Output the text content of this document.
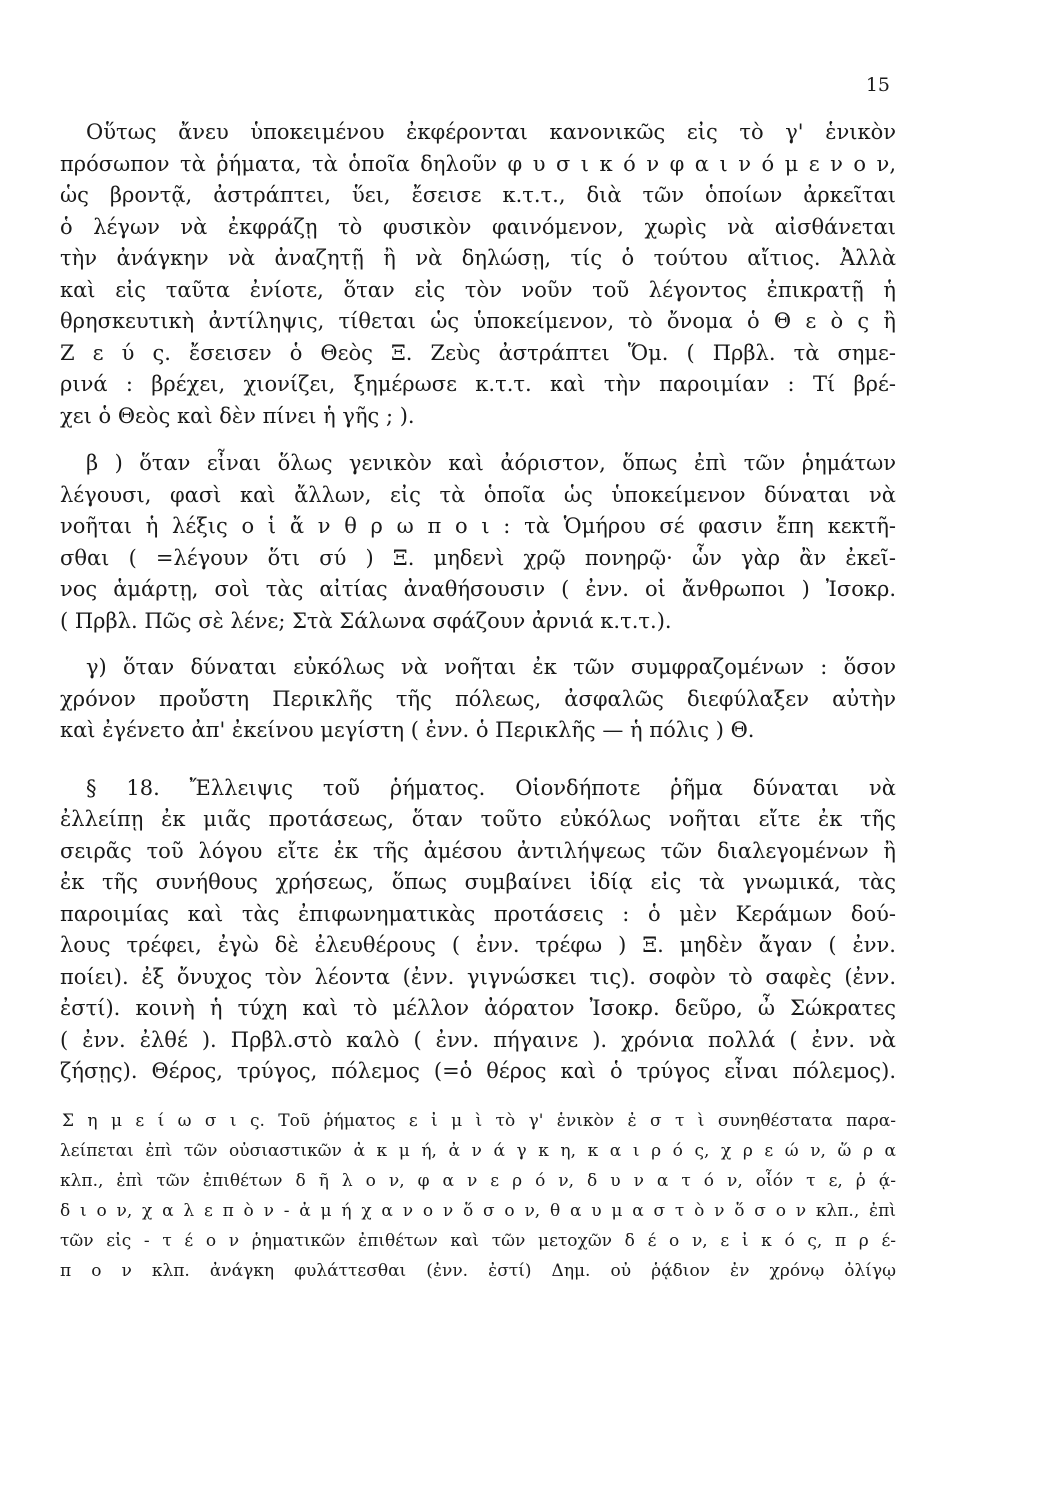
15
Οὕτως ἄνευ ὑποκειμένου ἐκφέρονται κανονικῶς εἰς τὸ γ' ἑνικὸν
πρόσωπον τὰ ῥήματα, τὰ ὁποῖα δηλοῦν φ υ σ ι κ ό ν φ α ι ν ό μ ε ν ο ν,
ὡς βροντᾷ, ἀστράπτει, ὕει, ἔσεισε κ.τ.τ., διὰ τῶν ὁποίων ἀρκεῖται
ὁ λέγων νὰ ἐκφράζῃ τὸ φυσικὸν φαινόμενον, χωρὶς νὰ αἰσθάνεται
τὴν ἀνάγκην νὰ ἀναζητῇ ἢ νὰ δηλώσῃ, τίς ὁ τούτου αἴτιος. Ἀλλὰ
καὶ εἰς ταῦτα ἐνίοτε, ὅταν εἰς τὸν νοῦν τοῦ λέγοντος ἐπικρατῇ ἡ
θρησκευτικὴ ἀντίληψις, τίθεται ὡς ὑποκείμενον, τὸ ὄνομα ὁ Θ ε ὸ ς ἢ
Ζ ε ύ ς. ἔσεισεν ὁ Θεὸς Ξ. Ζεὺς ἀστράπτει Ὅμ. ( Πρβλ. τὰ σημε-
ρινά : βρέχει, χιονίζει, ξημέρωσε κ.τ.τ. καὶ τὴν παροιμίαν : Τί βρέ-
χει ὁ Θεὸς καὶ δὲν πίνει ἡ γῆς ; ).
β ) ὅταν εἶναι ὅλως γενικὸν καὶ ἀόριστον, ὅπως ἐπὶ τῶν ῥημάτων
λέγουσι, φασὶ καὶ ἄλλων, εἰς τὰ ὁποῖα ὡς ὑποκείμενον δύναται νὰ
νοῆται ἡ λέξις ο ἱ ἄ ν θ ρ ω π ο ι : τὰ Ὁμήρου σέ φασιν ἔπη κεκτῆ-
σθαι ( =λέγουν ὅτι σύ ) Ξ. μηδενὶ χρῷ πονηρῷ· ὧν γὰρ ἂν ἐκεῖ-
νος ἁμάρτῃ, σοὶ τὰς αἰτίας ἀναθήσουσιν ( ἐνν. οἱ ἄνθρωποι ) Ἰσοκρ.
( Πρβλ. Πῶς σὲ λένε; Στὰ Σάλωνα σφάζουν ἀρνιά κ.τ.τ.).
γ) ὅταν δύναται εὐκόλως νὰ νοῆται ἐκ τῶν συμφραζομένων : ὅσον
χρόνον προὔστη Περικλῆς τῆς πόλεως, ἀσφαλῶς διεφύλαξεν αὐτὴν
καὶ ἐγένετο ἀπ' ἐκείνου μεγίστη ( ἐνν. ὁ Περικλῆς — ἡ πόλις ) Θ.
§ 18. Ἔλλειψις τοῦ ῥήματος. Οἱονδήποτε ῥῆμα δύναται νὰ
ἐλλείπῃ ἐκ μιᾶς προτάσεως, ὅταν τοῦτο εὐκόλως νοῆται εἴτε ἐκ τῆς
σειρᾶς τοῦ λόγου εἴτε ἐκ τῆς ἀμέσου ἀντιλήψεως τῶν διαλεγομένων ἢ
ἐκ τῆς συνήθους χρήσεως, ὅπως συμβαίνει ἰδίᾳ εἰς τὰ γνωμικά, τὰς
παροιμίας καὶ τὰς ἐπιφωνηματικὰς προτάσεις : ὁ μὲν Κεράμων δού-
λους τρέφει, ἐγὼ δὲ ἐλευθέρους ( ἐνν. τρέφω ) Ξ. μηδὲν ἄγαν ( ἐνν.
ποίει). ἐξ ὄνυχος τὸν λέοντα (ἐνν. γιγνώσκει τις). σοφὸν τὸ σαφὲς (ἐνν.
ἐστί). κοινὴ ἡ τύχη καὶ τὸ μέλλον ἀόρατον Ἰσοκρ. δεῦρο, ὦ Σώκρατες
( ἐνν. ἐλθέ ). Πρβλ.στὸ καλὸ ( ἐνν. πήγαινε ). χρόνια πολλά ( ἐνν. νὰ
ζήσῃς). Θέρος, τρύγος, πόλεμος (=ὁ θέρος καὶ ὁ τρύγος εἶναι πόλεμος).
Σ η μ ε ί ω σ ι ς. Τοῦ ῥήματος ε ἰ μ ὶ τὸ γ' ἑνικὸν ἐ σ τ ὶ συνηθέστατα παρα-
λείπεται ἐπὶ τῶν οὐσιαστικῶν ἀ κ μ ή, ἀ ν ά γ κ η, κ α ι ρ ό ς, χ ρ ε ώ ν, ὥ ρ α
κλπ., ἐπὶ τῶν ἐπιθέτων δ ῆ λ ο ν, φ α ν ε ρ ό ν, δ υ ν α τ ό ν, οἷόν τ ε, ῥ ᾴ-
δ ι ο ν, χ α λ ε π ὸ ν - ἀ μ ή χ α ν ο ν ὅ σ ο ν, θ α υ μ α σ τ ὸ ν ὅ σ ο ν κλπ., ἐπὶ
τῶν εἰς - τ έ ο ν ῥηματικῶν ἐπιθέτων καὶ τῶν μετοχῶν δ έ ο ν, ε ἰ κ ό ς, π ρ έ-
π ο ν κλπ. ἀνάγκη φυλάττεσθαι (ἐνν. ἐστί) Δημ. οὐ ῥᾴδιον ἐν χρόνῳ ὀλίγῳ
